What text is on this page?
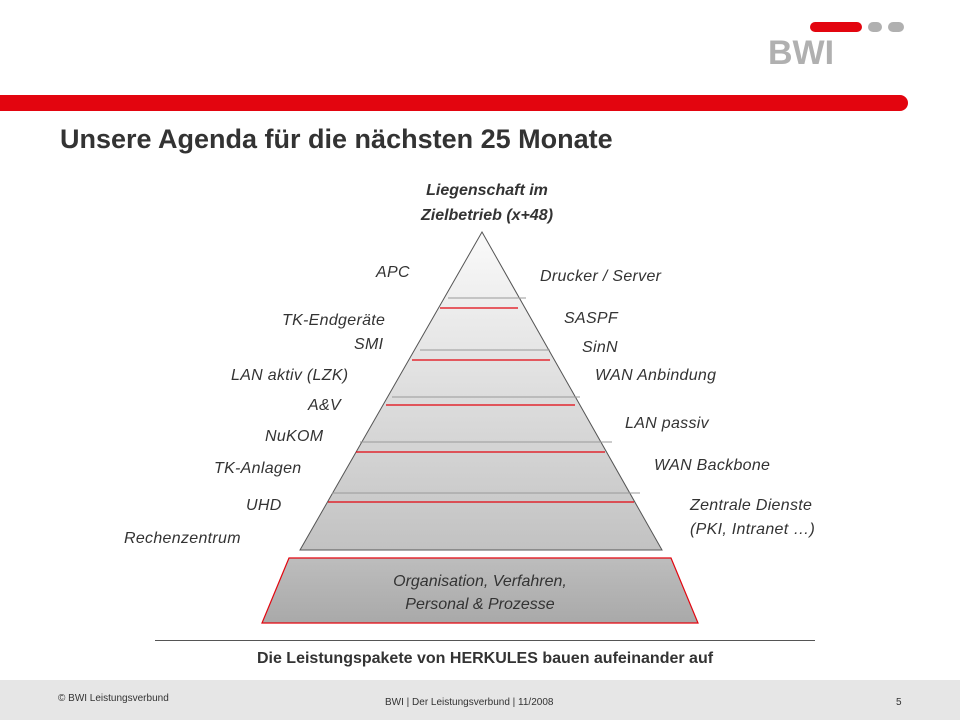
BWI
Unsere Agenda für die nächsten 25 Monate
Liegenschaft im
Zielbetrieb (x+48)
APC
TK-Endgeräte
SMI
LAN aktiv (LZK)
A&V
NuKOM
TK-Anlagen
UHD
Rechenzentrum
Drucker / Server
SASPF
SinN
WAN Anbindung
LAN passiv
WAN Backbone
Zentrale Dienste
(PKI, Intranet …)
Organisation, Verfahren,
Personal & Prozesse
Die Leistungspakete von HERKULES bauen aufeinander auf
© BWI Leistungsverbund	BWI | Der Leistungsverbund | 11/2008	5
